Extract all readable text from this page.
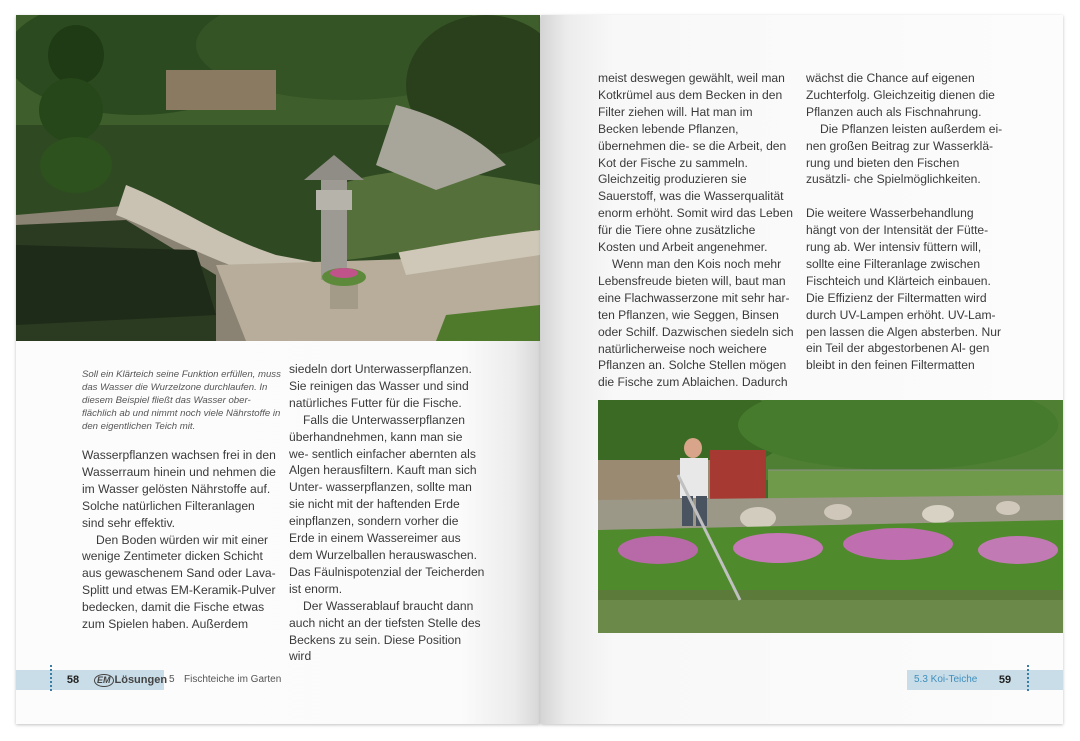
Soll ein Klärteich seine Funktion erfüllen, muss das Wasser die Wurzelzone durchlaufen. In diesem Beispiel fließt das Wasser ober- flächlich ab und nimmt noch viele Nährstoffe in den eigentlichen Teich mit.

Wasserpflanzen wachsen frei in den Wasserraum hinein und nehmen die im Wasser gelösten Nährstoffe auf. Solche natürlichen Filteranlagen sind sehr effektiv.

Den Boden würden wir mit einer wenige Zentimeter dicken Schicht aus gewaschenem Sand oder Lava- Splitt und etwas EM-Keramik-Pulver bedecken, damit die Fische etwas zum Spielen haben. Außerdem

siedeln dort Unterwasserpflanzen. Sie reinigen das Wasser und sind natürliches Futter für die Fische.

Falls die Unterwasserpflanzen überhandnehmen, kann man sie we- sentlich einfacher abernten als Algen herausfiltern. Kauft man sich Unter- wasserpflanzen, sollte man sie nicht mit der haftenden Erde einpflanzen, sondern vorher die Erde in einem Wassereimer aus dem Wurzelballen herauswaschen. Das Fäulnispotenzial der Teicherden ist enorm.

Der Wasserablauf braucht dann auch nicht an der tiefsten Stelle des Beckens zu sein. Diese Position wird

58	EM Lösungen 5 Fischteiche im Garten

meist deswegen gewählt, weil man Kotkrümel aus dem Becken in den Filter ziehen will. Hat man im Becken lebende Pflanzen, übernehmen die- se die Arbeit, den Kot der Fische zu sammeln. Gleichzeitig produzieren sie Sauerstoff, was die Wasserqualität enorm erhöht. Somit wird das Leben für die Tiere ohne zusätzliche Kosten und Arbeit angenehmer.

Wenn man den Kois noch mehr Lebensfreude bieten will, baut man eine Flachwasserzone mit sehr har- ten Pflanzen, wie Seggen, Binsen oder Schilf. Dazwischen siedeln sich natürlicherweise noch weichere Pflanzen an. Solche Stellen mögen die Fische zum Ablaichen. Dadurch

wächst die Chance auf eigenen Zuchterfolg. Gleichzeitig dienen die Pflanzen auch als Fischnahrung.

Die Pflanzen leisten außerdem ei- nen großen Beitrag zur Wasserklä- rung und bieten den Fischen zusätzli- che Spielmöglichkeiten.

Die weitere Wasserbehandlung hängt von der Intensität der Fütte- rung ab. Wer intensiv füttern will, sollte eine Filteranlage zwischen Fischteich und Klärteich einbauen. Die Effizienz der Filtermatten wird durch UV-Lampen erhöht. UV-Lam- pen lassen die Algen absterben. Nur ein Teil der abgestorbenen Al- gen bleibt in den feinen Filtermatten

5.3 Koi-Teiche	59
